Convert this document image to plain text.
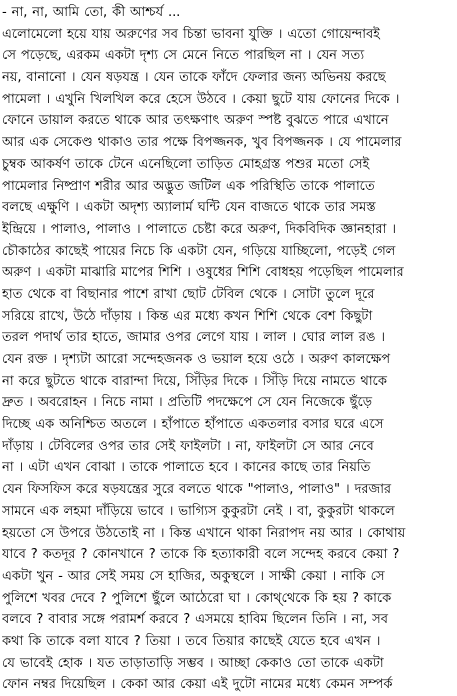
- না, না, আমি তো, কী আশ্চর্য ...
এলোমেলো হয়ে যায় অরুণের সব চিন্তা ভাবনা যুক্তি । এতো গোয়েন্দাবই
সে পড়েছে, এরকম একটা দৃশ্য সে মেনে নিতে পারছিল না । যেন সত্য
নয়, বানানো । যেন ষড়যন্ত্র । যেন তাকে ফাঁদে ফেলার জন্য অভিনয় করছে
পামেলা । এখুনি খিলখিল করে হেসে উঠবে । কেয়া ছুটে যায় ফোনের দিকে ।
ফোনে ডায়াল করতে থাকে আর তৎক্ষণাৎ অরুণ স্পষ্ট বুঝতে পারে এখানে
আর এক সেকেণ্ড থাকাও তার পক্ষে বিপজ্জনক, খুব বিপজ্জনক । যে পামেলার
চুম্বক আকর্ষণ তাকে টেনে এনেছিলো তাড়িত মোহগ্রস্ত পশুর মতো সেই
পামেলার নিষ্প্রাণ শরীর আর অদ্ভুত জটিল এক পরিস্থিতি তাকে পালাতে
বলছে এক্ষুণি । একটা অদৃশ্য অ্যালার্ম ঘন্টি যেন বাজতে থাকে তার সমস্ত
ইন্দ্রিয়ে । পালাও, পালাও । পালাতে চেষ্টা করে অরুণ, দিকবিদিক জ্ঞানহারা ।
চৌকাঠের কাছেই পায়ের নিচে কি একটা যেন, গড়িয়ে যাচ্ছিলো, পড়েই গেল
অরুণ । একটা মাঝারি মাপের শিশি । ওষুধের শিশি বোধহয় পড়েছিল পামেলার
হাত থেকে বা বিছানার পাশে রাখা ছোট টেবিল থেকে । সোটা তুলে দূরে
সরিয়ে রাখে, উঠে দাঁড়ায় । কিন্ত এর মধ্যে কখন শিশি থেকে বেশ কিছুটা
তরল পদার্থ তার হাতে, জামার ওপর লেগে যায় । লাল । ঘোর লাল রঙ ।
যেন রক্ত । দৃশ্যটা আরো সন্দেহজনক ও ভয়াল হয়ে ওঠে । অরুণ কালক্ষেপ
না করে ছুটতে থাকে বারান্দা দিয়ে, সিঁড়ির দিকে । সিঁড়ি দিয়ে নামতে থাকে
দ্রুত । অবরোহন । নিচে নামা । প্রতিটি পদক্ষেপে সে যেন নিজেকে ছুঁড়ে
দিচ্ছে এক অনিশ্চিত অতলে । হাঁপাতে হাঁপাতে একতলার বসার ঘরে এসে
দাঁড়ায় । টেবিলের ওপর তার সেই ফাইলটা । না, ফাইলটা সে আর নেবে
না । এটা এখন বোঝা । তাকে পালাতে হবে । কানের কাছে তার নিয়তি
যেন ফিসফিস করে ষড়যন্ত্রের সুরে বলতে থাকে "পালাও, পালাও" । দরজার
সামনে এক লহমা দাঁড়িয়ে ভাবে । ভাগ্যিস কুকুরটা নেই । বা, কুকুরটা থাকলে
হয়তো সে উপরে উঠতোই না । কিন্ত এখানে থাকা নিরাপদ নয় আর । কোথায়
যাবে ? কতদূর ? কোনখানে ? তাকে কি হত্যাকারী বলে সন্দেহ করবে কেয়া ?
একটা খুন - আর সেই সময় সে হাজির, অকুস্থলে । সাক্ষী কেয়া । নাকি সে
পুলিশে খবর দেবে ? পুলিশে ছুঁলে আঠেরো ঘা । কোথ্‌থেকে কি হয় ? কাকে
বলবে ? বাবার সঙ্গে পরামর্শ করবে ? এসময়ে হাবিম ছিলেন তিনি । না, সব
কথা কি তাকে বলা যাবে ? তিয়া । তবে তিয়ার কাছেই যেতে হবে এখন ।
যে ভাবেই হোক । যত তাড়াতাড়ি সম্ভব । আচ্ছা কেকাও তো তাকে একটা
ফোন নম্বর দিয়েছিল । কেকা আর কেয়া এই দুটো নামের মধ্যে কেমন সম্পর্ক
